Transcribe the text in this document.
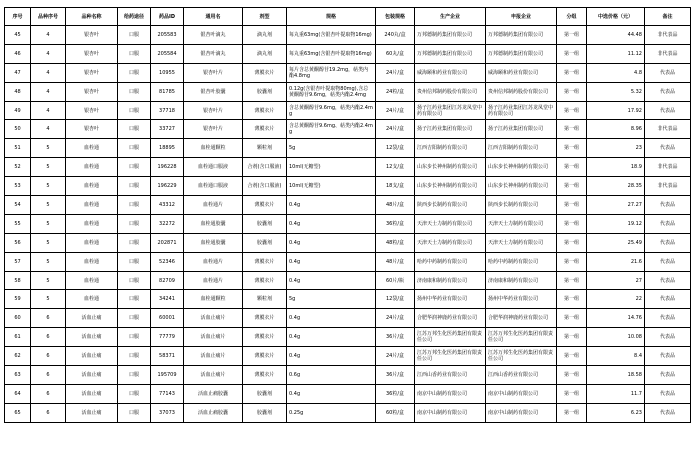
序号	品种序号	品种名称	给药途径	药品ID	通用名	剂型	规格	包装规格	生产企业	申报企业	分组	中选价格（元）	备注
45	4	银杏叶	口服	205583	银杏叶滴丸	滴丸剂	每丸重63mg(含银杏叶提取物16mg)	240丸/盒	万邦德制药集团有限公司	万邦德制药集团有限公司	第一组	44.48	非代表品
46	4	银杏叶	口服	205584	银杏叶滴丸	滴丸剂	每丸重63mg(含银杏叶提取物16mg)	60丸/盒	万邦德制药集团有限公司	万邦德制药集团有限公司	第一组	11.12	非代表品
47	4	银杏叶	口服	10955	银杏叶片	薄膜衣片	每片含总黄酮醇苷19.2mg，萜类内酯4.8mg	24片/盒	威海颐和药业有限公司	威海颐和药业有限公司	第一组	4.8	代表品
48	4	银杏叶	口服	81785	银杏叶胶囊	胶囊剂	0.12g(含银杏叶提取物80mg),含总黄酮醇苷9.6mg，萜类内酯2.4mg	24粒/盒	贵州信邦制药股份有限公司	贵州信邦制药股份有限公司	第一组	5.32	代表品
49	4	银杏叶	口服	37718	银杏叶片	薄膜衣片	含总黄酮醇苷9.6mg，萜类内酯2.4mg	24片/盒	扬子江药业集团江苏龙凤堂中药有限公司	扬子江药业集团江苏龙凤堂中药有限公司	第一组	17.92	代表品
50	4	银杏叶	口服	33727	银杏叶片	薄膜衣片	含总黄酮醇苷9.6mg、萜类内酯2.4mg	24片/盒	扬子江药业集团有限公司	扬子江药业集团有限公司	第一组	8.96	非代表品
51	5	血栓通	口服	18895	血栓通颗粒	颗粒剂	5g	12袋/盒	江西吉阳制药有限公司	江西吉阳制药有限公司	第一组	23	代表品
52	5	血栓通	口服	196228	血栓通口服液	合剂(含口服液)	10ml(无糖型)	12支/盒	山东步长神州制药有限公司	山东步长神州制药有限公司	第一组	18.9	非代表品
53	5	血栓通	口服	196229	血栓通口服液	合剂(含口服液)	10ml(无糖型)	18支/盒	山东步长神州制药有限公司	山东步长神州制药有限公司	第一组	28.35	非代表品
54	5	血栓通	口服	43312	血栓通片	薄膜衣片	0.4g	48片/盒	陕西步长制药有限公司	陕西步长制药有限公司	第一组	27.27	代表品
55	5	血栓通	口服	32272	血栓通胶囊	胶囊剂	0.4g	36粒/盒	天津天士力制药有限公司	天津天士力制药有限公司	第一组	19.12	代表品
56	5	血栓通	口服	202871	血栓通胶囊	胶囊剂	0.4g	48粒/盒	天津天士力制药有限公司	天津天士力制药有限公司	第一组	25.49	代表品
57	5	血栓通	口服	52346	血栓通片	薄膜衣片	0.4g	48片/盒	哈药中药制药有限公司	哈药中药制药有限公司	第一组	21.6	代表品
58	5	血栓通	口服	82709	血栓通片	薄膜衣片	0.4g	60片/瓶	济南康和制药有限公司	济南康和制药有限公司	第一组	27	代表品
59	5	血栓通	口服	34241	血栓通颗粒	颗粒剂	5g	12袋/盒	扬州中华药业有限公司	扬州中华药业有限公司	第一组	22	代表品
60	6	活血止痛	口服	60001	活血止痛片	薄膜衣片	0.4g	24片/盒	合肥华润神鹿药业有限公司	合肥华润神鹿药业有限公司	第一组	14.76	代表品
61	6	活血止痛	口服	77779	活血止痛片	薄膜衣片	0.4g	36片/盒	江苏万邦生化医药集团有限责任公司	江苏万邦生化医药集团有限责任公司	第一组	10.08	代表品
62	6	活血止痛	口服	58371	活血止痛片	薄膜衣片	0.4g	24片/盒	江苏万邦生化医药集团有限责任公司	江苏万邦生化医药集团有限责任公司	第一组	8.4	代表品
63	6	活血止痛	口服	195709	活血止痛片	薄膜衣片	0.6g	36片/盒	江西山香药业有限公司	江西山香药业有限公司	第一组	18.58	代表品
64	6	活血止痛	口服	77143	活血止痛胶囊	胶囊剂	0.4g	36粒/盒	南京中山制药有限公司	南京中山制药有限公司	第一组	11.7	代表品
65	6	活血止痛	口服	37073	活血止痛胶囊	胶囊剂	0.25g	60粒/盒	南京中山制药有限公司	南京中山制药有限公司	第一组	6.23	代表品
